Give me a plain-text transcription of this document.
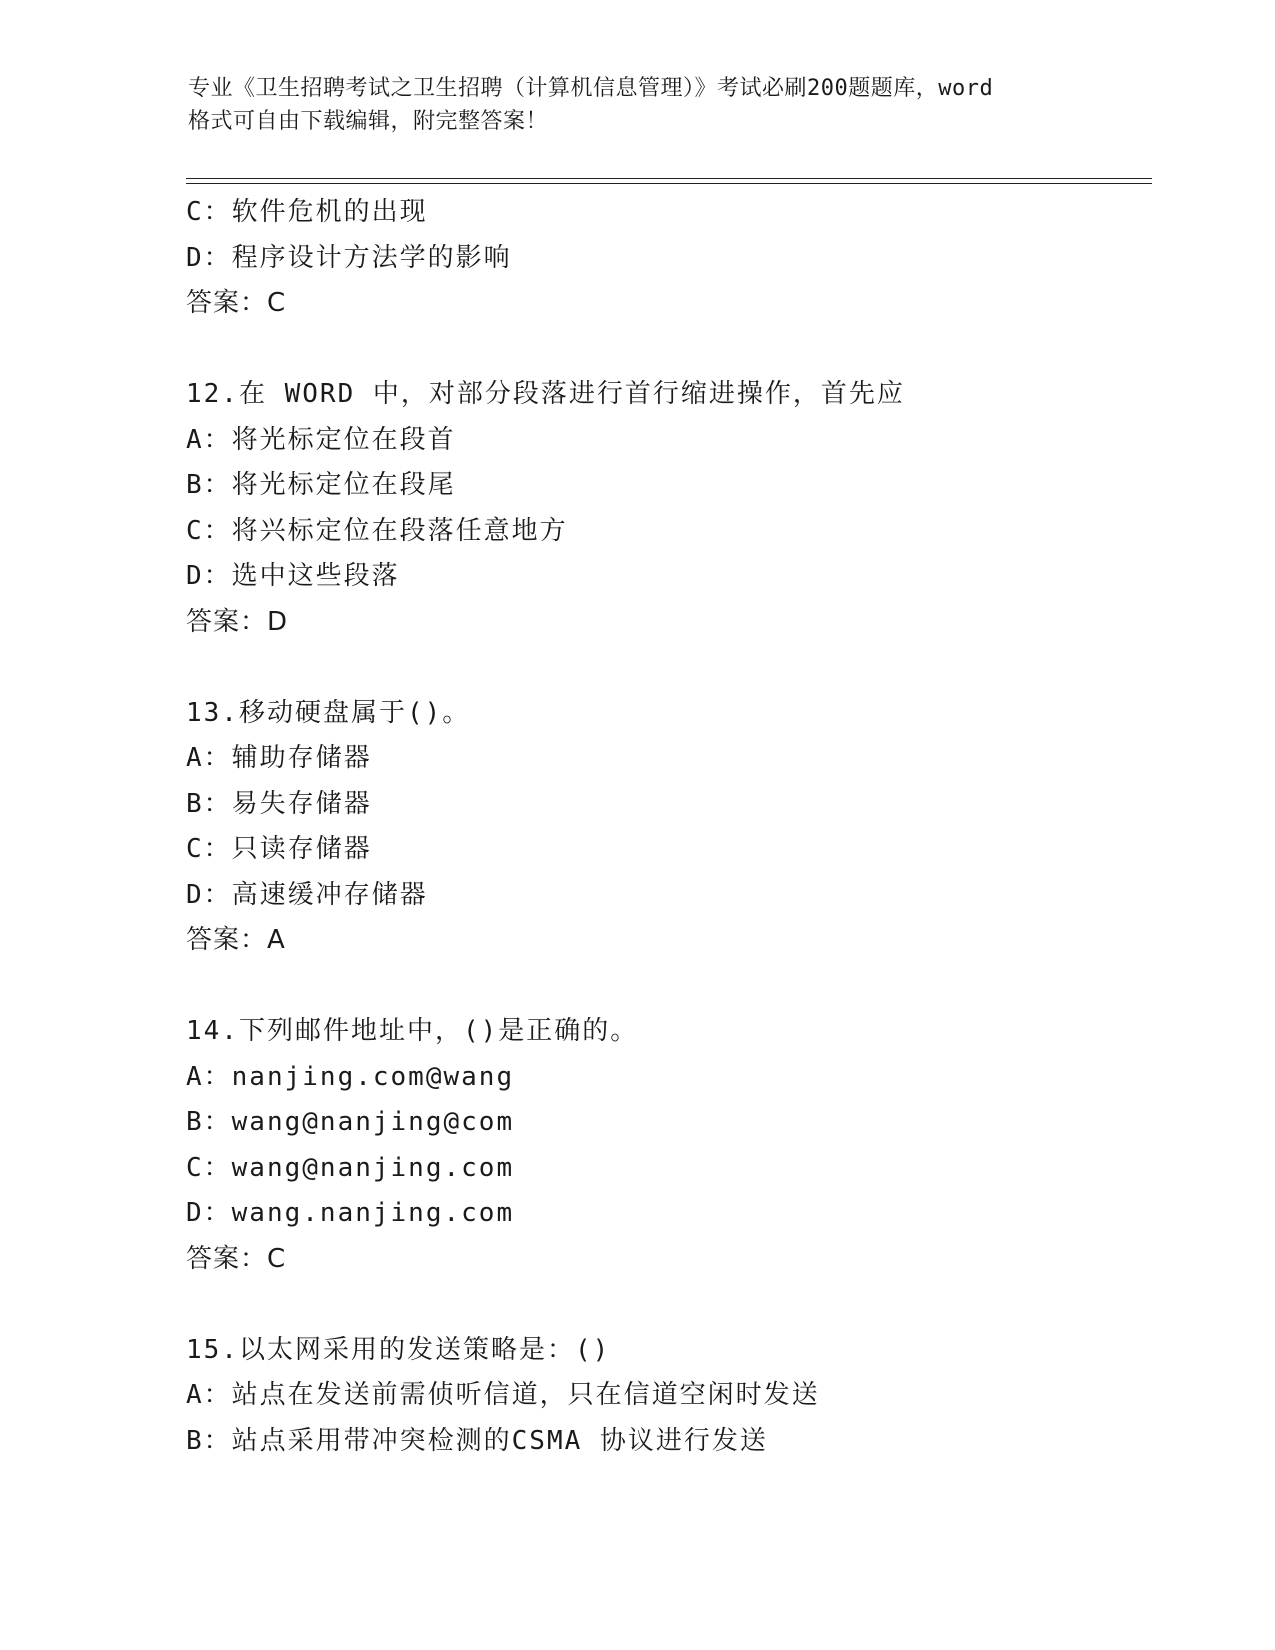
专业《卫生招聘考试之卫生招聘（计算机信息管理）》考试必刷200题题库，word
格式可自由下载编辑，附完整答案！
C：软件危机的出现
D：程序设计方法学的影响
答案：C
12.在 WORD 中，对部分段落进行首行缩进操作，首先应
A：将光标定位在段首
B：将光标定位在段尾
C：将兴标定位在段落任意地方
D：选中这些段落
答案：D
13.移动硬盘属于()。
A：辅助存储器
B：易失存储器
C：只读存储器
D：高速缓冲存储器
答案：A
14.下列邮件地址中，()是正确的。
A：nanjing.com@wang
B：wang@nanjing@com
C：wang@nanjing.com
D：wang.nanjing.com
答案：C
15.以太网采用的发送策略是：()
A：站点在发送前需侦听信道，只在信道空闲时发送
B：站点采用带冲突检测的CSMA 协议进行发送
